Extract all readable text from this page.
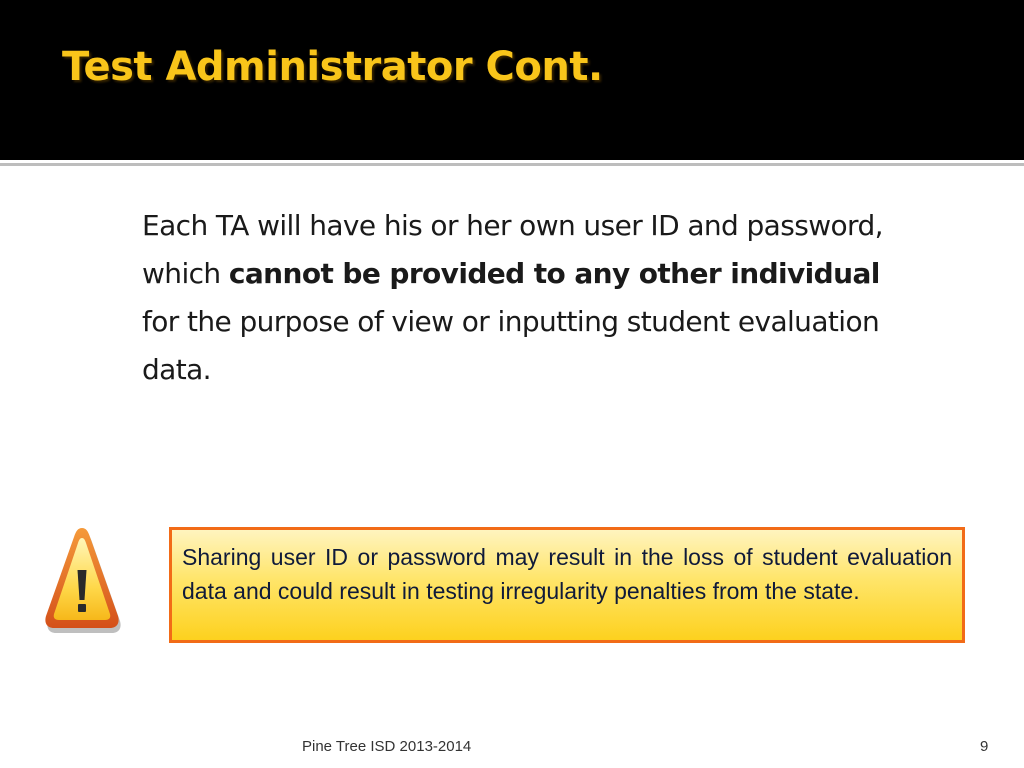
Test Administrator Cont.

Each TA will have his or her own user ID and password, which cannot be provided to any other individual for the purpose of view or inputting student evaluation data.

Sharing user ID or password may result in the loss of student evaluation data and could result in testing irregularity penalties from the state.

Pine Tree ISD 2013-2014	9
